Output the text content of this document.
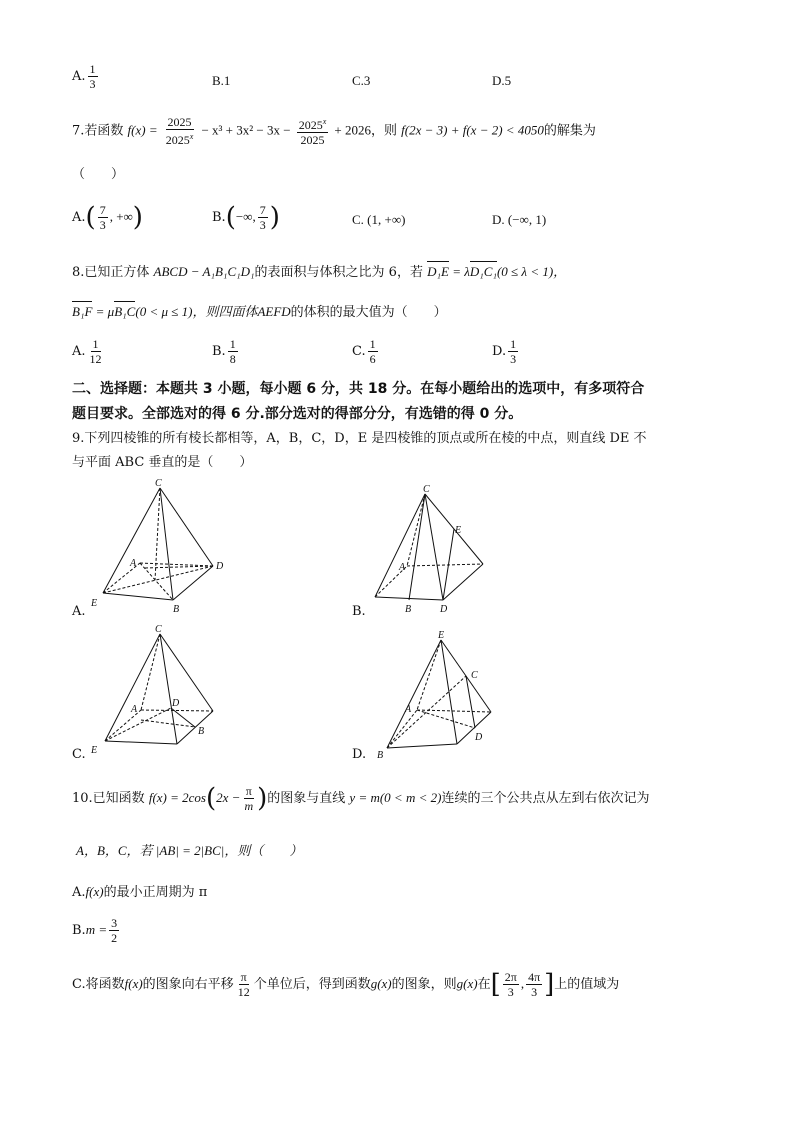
A. $\frac{1}{3}$	B.1	C.3	D.5
7.若函数 $f(x) = \frac{2025}{2025^x} - x^3 + 3x^2 - 3x - \frac{2025^x}{2025} + 2026$，则 f(2x − 3) + f(x − 2) < 4050的解集为
（　　）
$A.( \frac{7}{3}$ , +∞)	B.(−∞, $\frac{7}{3}$ )	C. (1, +∞)	D. (−∞, 1)
8.已知正方体 ABCD − A₁B₁C₁D₁的表面积与体积之比为 6，若 D₁E = λD₁C₁(0 ≤ λ < 1)，
B₁F = μB₁C(0 < μ ≤ 1)，则四面体AEFD的体积的最大值为（　　）
A. $\frac{1}{12}$	B. $\frac{1}{8}$	C. $\frac{1}{6}$	D. $\frac{1}{3}$
二、选择题：本题共 3 小题，每小题 6 分，共 18 分。在每小题给出的选项中，有多项符合
题目要求。全部选对的得 6 分.部分选对的得部分分，有选错的得 0 分。
9.下列四棱锥的所有棱长都相等，A，B，C，D，E 是四棱锥的顶点或所在棱的中点，则直线 DE 不
与平面 ABC 垂直的是（　　）
A.
C
A	D
E
B	B.
C
E
A
B	D
C.
C
A
D
B
E	D.
E
C
A
D
B
10.已知函数 $f(x) = 2\cos(2x - \frac{\pi}{m}$ )的图象与直线 y = m(0 < m < 2)连续的三个公共点从左到右依次记为
A，B，C，若 |AB| = 2|BC|，则（　　）
A.f(x)的最小正周期为 π
$B.m = \frac{3}{2}$
C.将函数f(x)的图象向右平移 $\frac{\pi}{12}$ 个单位后，得到函数g(x)的图象，则g(x)在[ $\frac{2\pi}{3}$ , $\frac{4\pi}{3}$ ]上的值域为
